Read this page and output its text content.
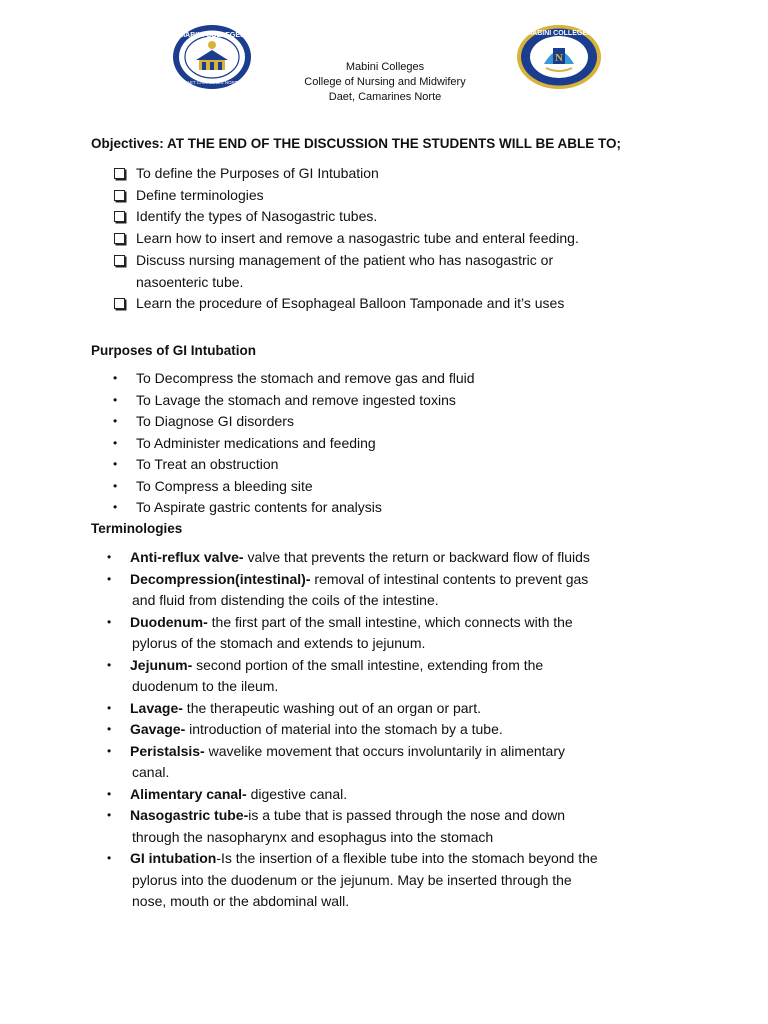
MABINI COLLEGES
DAET CAMARINES NORTE
N
MABINI COLLEGES
Mabini Colleges
College of Nursing and Midwifery
Daet, Camarines Norte
Objectives: AT THE END OF THE DISCUSSION THE STUDENTS WILL BE ABLE TO;
To define the Purposes of GI Intubation
Define terminologies
Identify the types of Nasogastric tubes.
Learn how to insert and remove a nasogastric tube and enteral feeding.
Discuss nursing management of the patient who has nasogastric or
nasoenteric tube.
Learn the procedure of Esophageal Balloon Tamponade and it’s uses
Purposes of GI Intubation
• To Decompress the stomach and remove gas and fluid
• To Lavage the stomach and remove ingested toxins
• To Diagnose GI disorders
• To Administer medications and feeding
• To Treat an obstruction
• To Compress a bleeding site
• To Aspirate gastric contents for analysis
Terminologies
• Anti-reflux valve- valve that prevents the return or backward flow of fluids
• Decompression(intestinal)- removal of intestinal contents to prevent gas
and fluid from distending the coils of the intestine.
• Duodenum- the first part of the small intestine, which connects with the
pylorus of the stomach and extends to jejunum.
• Jejunum- second portion of the small intestine, extending from the
duodenum to the ileum.
• Lavage- the therapeutic washing out of an organ or part.
• Gavage- introduction of material into the stomach by a tube.
• Peristalsis- wavelike movement that occurs involuntarily in alimentary
canal.
• Alimentary canal- digestive canal.
• Nasogastric tube-is a tube that is passed through the nose and down
through the nasopharynx and esophagus into the stomach
• GI intubation-Is the insertion of a flexible tube into the stomach beyond the
pylorus into the duodenum or the jejunum. May be inserted through the
nose, mouth or the abdominal wall.
